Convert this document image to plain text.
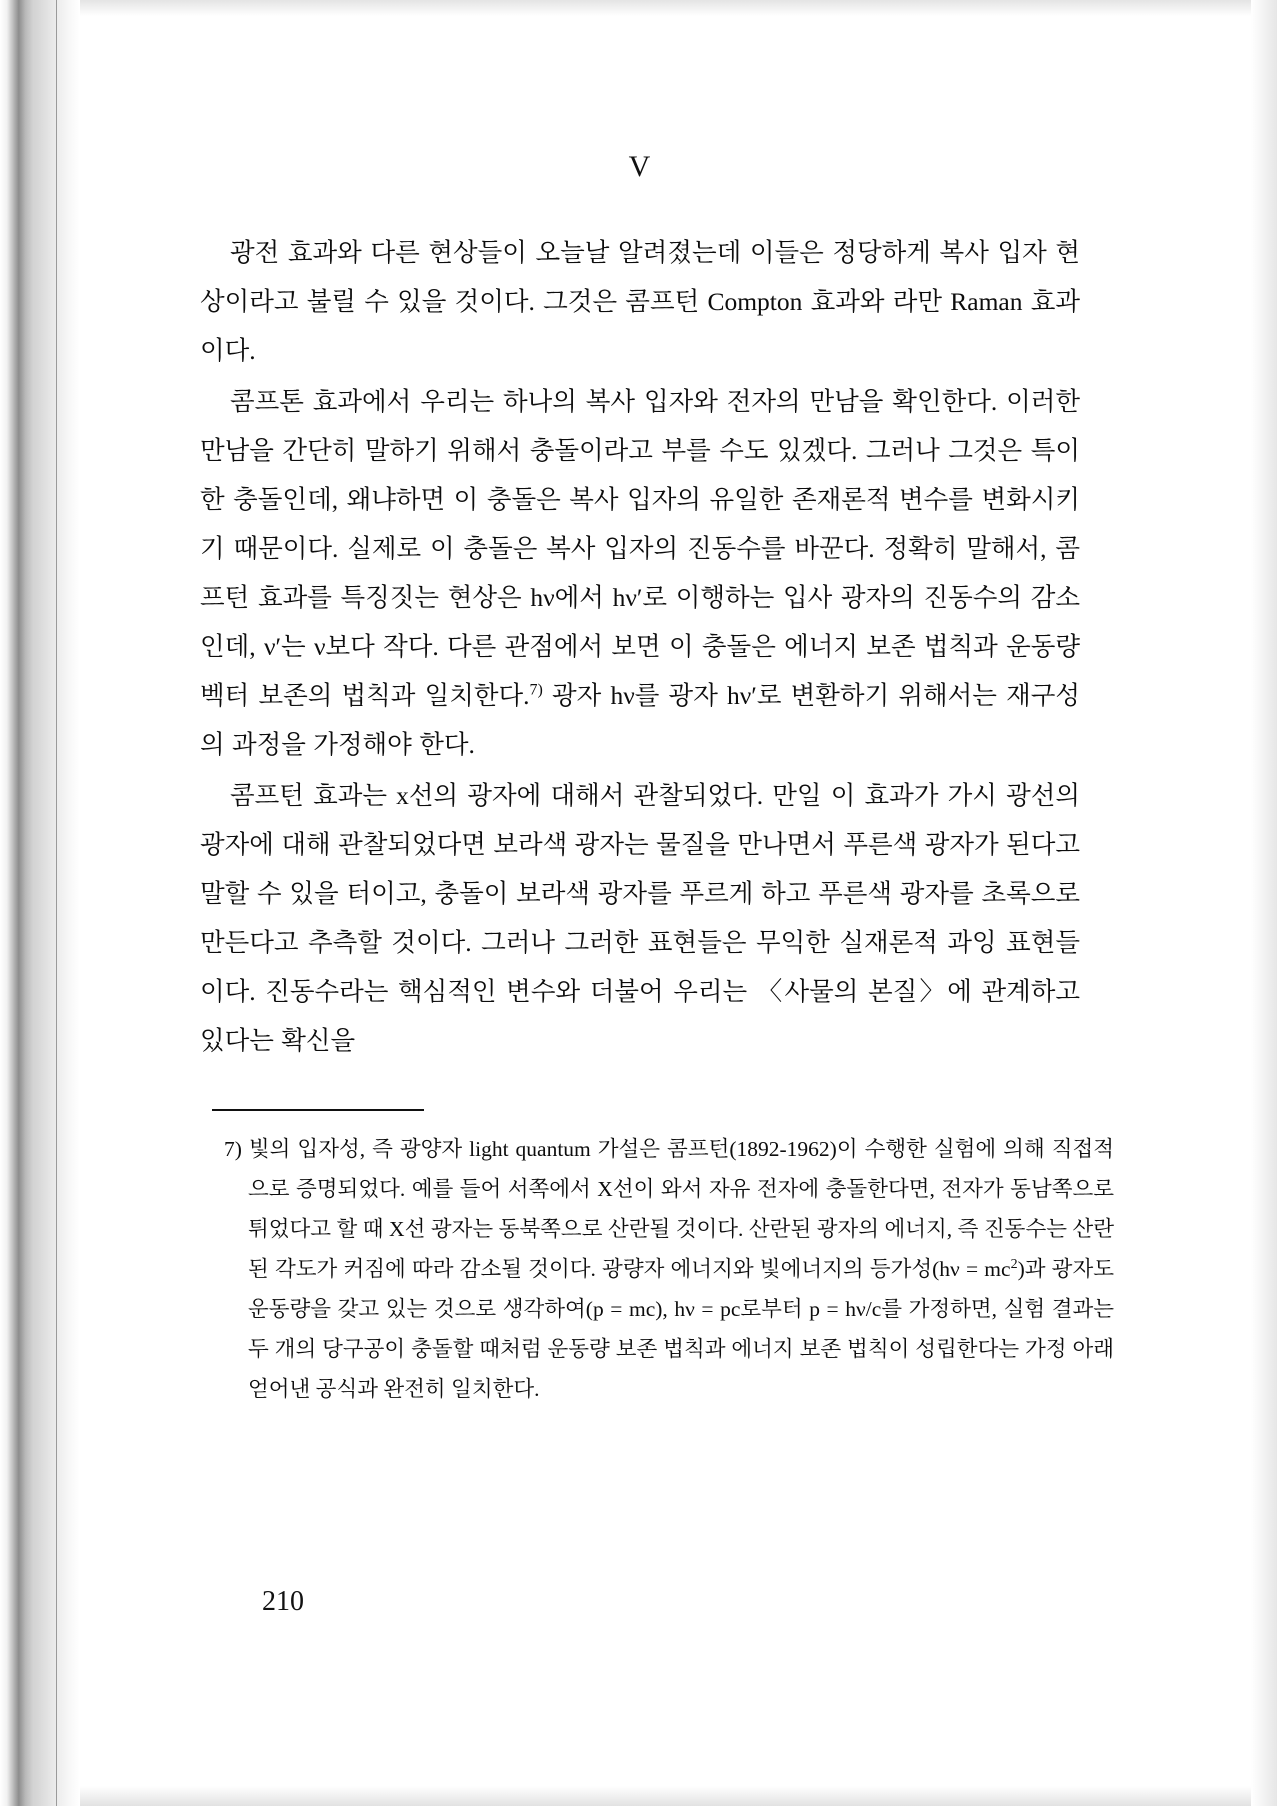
V

광전 효과와 다른 현상들이 오늘날 알려졌는데 이들은 정당하게 복사 입자 현상이라고 불릴 수 있을 것이다. 그것은 콤프턴 Compton 효과와 라만 Raman 효과이다.

콤프톤 효과에서 우리는 하나의 복사 입자와 전자의 만남을 확인한다. 이러한 만남을 간단히 말하기 위해서 충돌이라고 부를 수도 있겠다. 그러나 그것은 특이한 충돌인데, 왜냐하면 이 충돌은 복사 입자의 유일한 존재론적 변수를 변화시키기 때문이다. 실제로 이 충돌은 복사 입자의 진동수를 바꾼다. 정확히 말해서, 콤프턴 효과를 특징짓는 현상은 hν에서 hν′로 이행하는 입사 광자의 진동수의 감소인데, ν′는 ν보다 작다. 다른 관점에서 보면 이 충돌은 에너지 보존 법칙과 운동량 벡터 보존의 법칙과 일치한다.$^{7)}$ 광자 hν를 광자 hν′로 변환하기 위해서는 재구성의 과정을 가정해야 한다.

콤프턴 효과는 x선의 광자에 대해서 관찰되었다. 만일 이 효과가 가시 광선의 광자에 대해 관찰되었다면 보라색 광자는 물질을 만나면서 푸른색 광자가 된다고 말할 수 있을 터이고, 충돌이 보라색 광자를 푸르게 하고 푸른색 광자를 초록으로 만든다고 추측할 것이다. 그러나 그러한 표현들은 무익한 실재론적 과잉 표현들이다. 진동수라는 핵심적인 변수와 더불어 우리는 〈사물의 본질〉에 관계하고 있다는 확신을

7) 빛의 입자성, 즉 광양자 light quantum 가설은 콤프턴(1892-1962)이 수행한 실험에 의해 직접적으로 증명되었다. 예를 들어 서쪽에서 X선이 와서 자유 전자에 충돌한다면, 전자가 동남쪽으로 튀었다고 할 때 X선 광자는 동북쪽으로 산란될 것이다. 산란된 광자의 에너지, 즉 진동수는 산란된 각도가 커짐에 따라 감소될 것이다. 광량자 에너지와 빛에너지의 등가성$(h\nu = mc^2)$과 광자도 운동량을 갖고 있는 것으로 생각하여(p = mc), hν = pc로부터 p = hν/c를 가정하면, 실험 결과는 두 개의 당구공이 충돌할 때처럼 운동량 보존 법칙과 에너지 보존 법칙이 성립한다는 가정 아래 얻어낸 공식과 완전히 일치한다.

210
